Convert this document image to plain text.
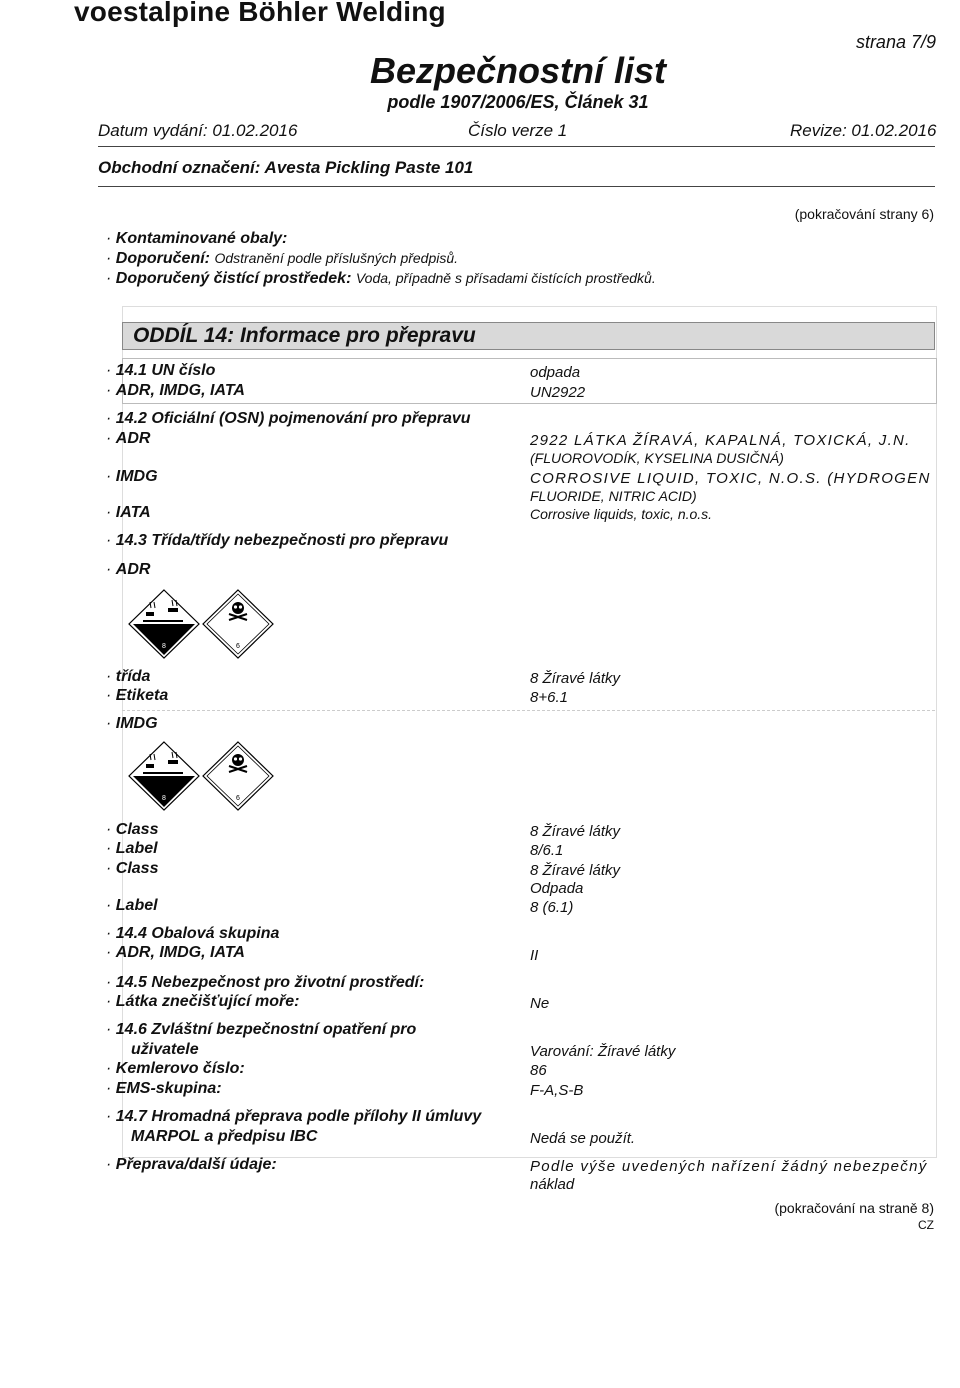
voestalpine Böhler Welding
strana 7/9
Bezpečnostní list
podle 1907/2006/ES, Článek 31
Datum vydání: 01.02.2016	Číslo verze 1	Revize: 01.02.2016
Obchodní označení: Avesta Pickling Paste 101
(pokračování strany 6)
· Kontaminované obaly:
· Doporučení: Odstranění podle příslušných předpisů.
· Doporučený čistící prostředek: Voda, případně s přísadami čistících prostředků.
ODDÍL 14: Informace pro přepravu
· 14.1 UN číslo	odpada
· ADR, IMDG, IATA	UN2922
· 14.2 Oficiální (OSN) pojmenování pro přepravu
· ADR	2922 LÁTKA ŽÍRAVÁ, KAPALNÁ, TOXICKÁ, J.N.
(FLUOROVODÍK, KYSELINA DUSIČNÁ)
· IMDG	CORROSIVE LIQUID, TOXIC, N.O.S. (HYDROGEN
FLUORIDE, NITRIC ACID)
· IATA	Corrosive liquids, toxic, n.o.s.
· 14.3 Třída/třídy nebezpečnosti pro přepravu
· ADR
8	6
· třída	8 Žíravé látky
· Etiketa	8+6.1
· IMDG
8	6
· Class	8 Žíravé látky
· Label	8/6.1
· Class	8 Žíravé látky
Odpada
· Label	8 (6.1)
· 14.4 Obalová skupina
· ADR, IMDG, IATA	II
· 14.5 Nebezpečnost pro životní prostředí:
· Látka znečišťující moře:	Ne
· 14.6 Zvláštní bezpečnostní opatření pro
uživatele	Varování: Žíravé látky
· Kemlerovo číslo:	86
· EMS-skupina:	F-A,S-B
· 14.7 Hromadná přeprava podle přílohy II úmluvy
MARPOL a předpisu IBC	Nedá se použít.
· Přeprava/další údaje:	Podle výše uvedených nařízení žádný nebezpečný
náklad
(pokračování na straně 8)
CZ
